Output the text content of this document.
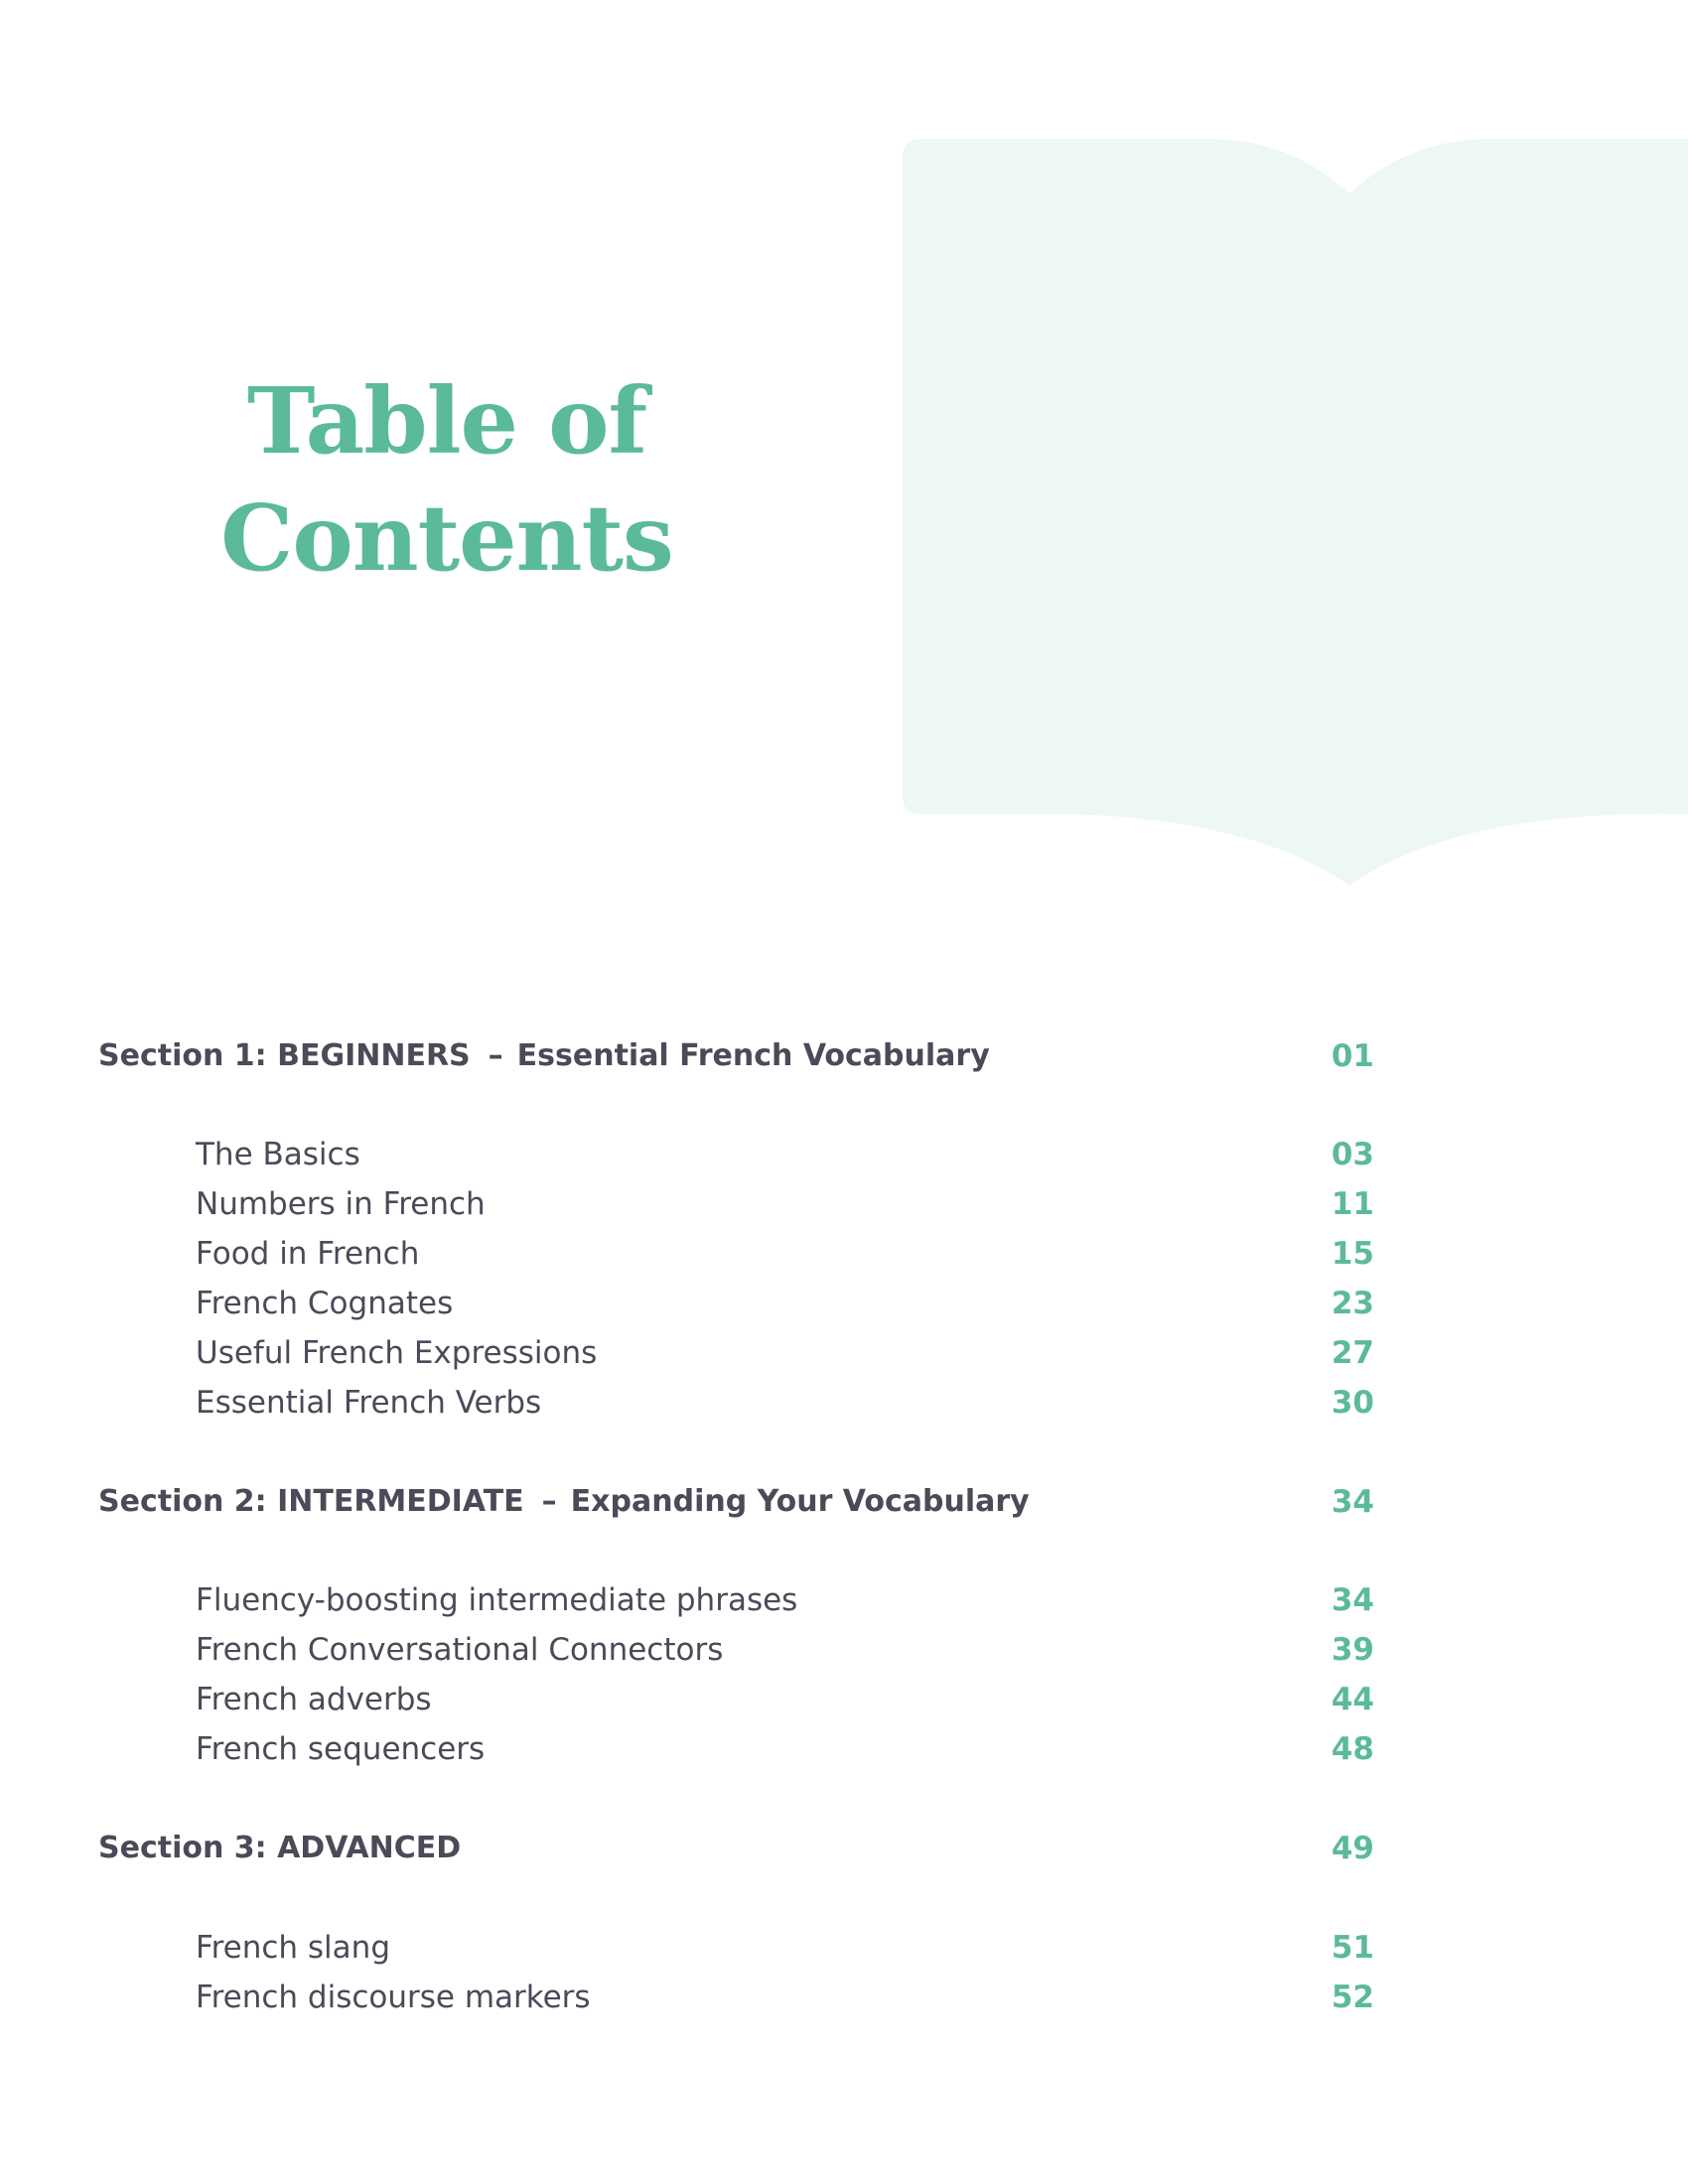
Table of
Contents
Section 1: BEGINNERS – Essential French Vocabulary	01
The Basics	03
Numbers in French	11
Food in French	15
French Cognates	23
Useful French Expressions	27
Essential French Verbs	30
Section 2: INTERMEDIATE – Expanding Your Vocabulary	34
Fluency-boosting intermediate phrases	34
French Conversational Connectors	39
French adverbs	44
French sequencers	48
Section 3: ADVANCED	49
French slang	51
French discourse markers	52
